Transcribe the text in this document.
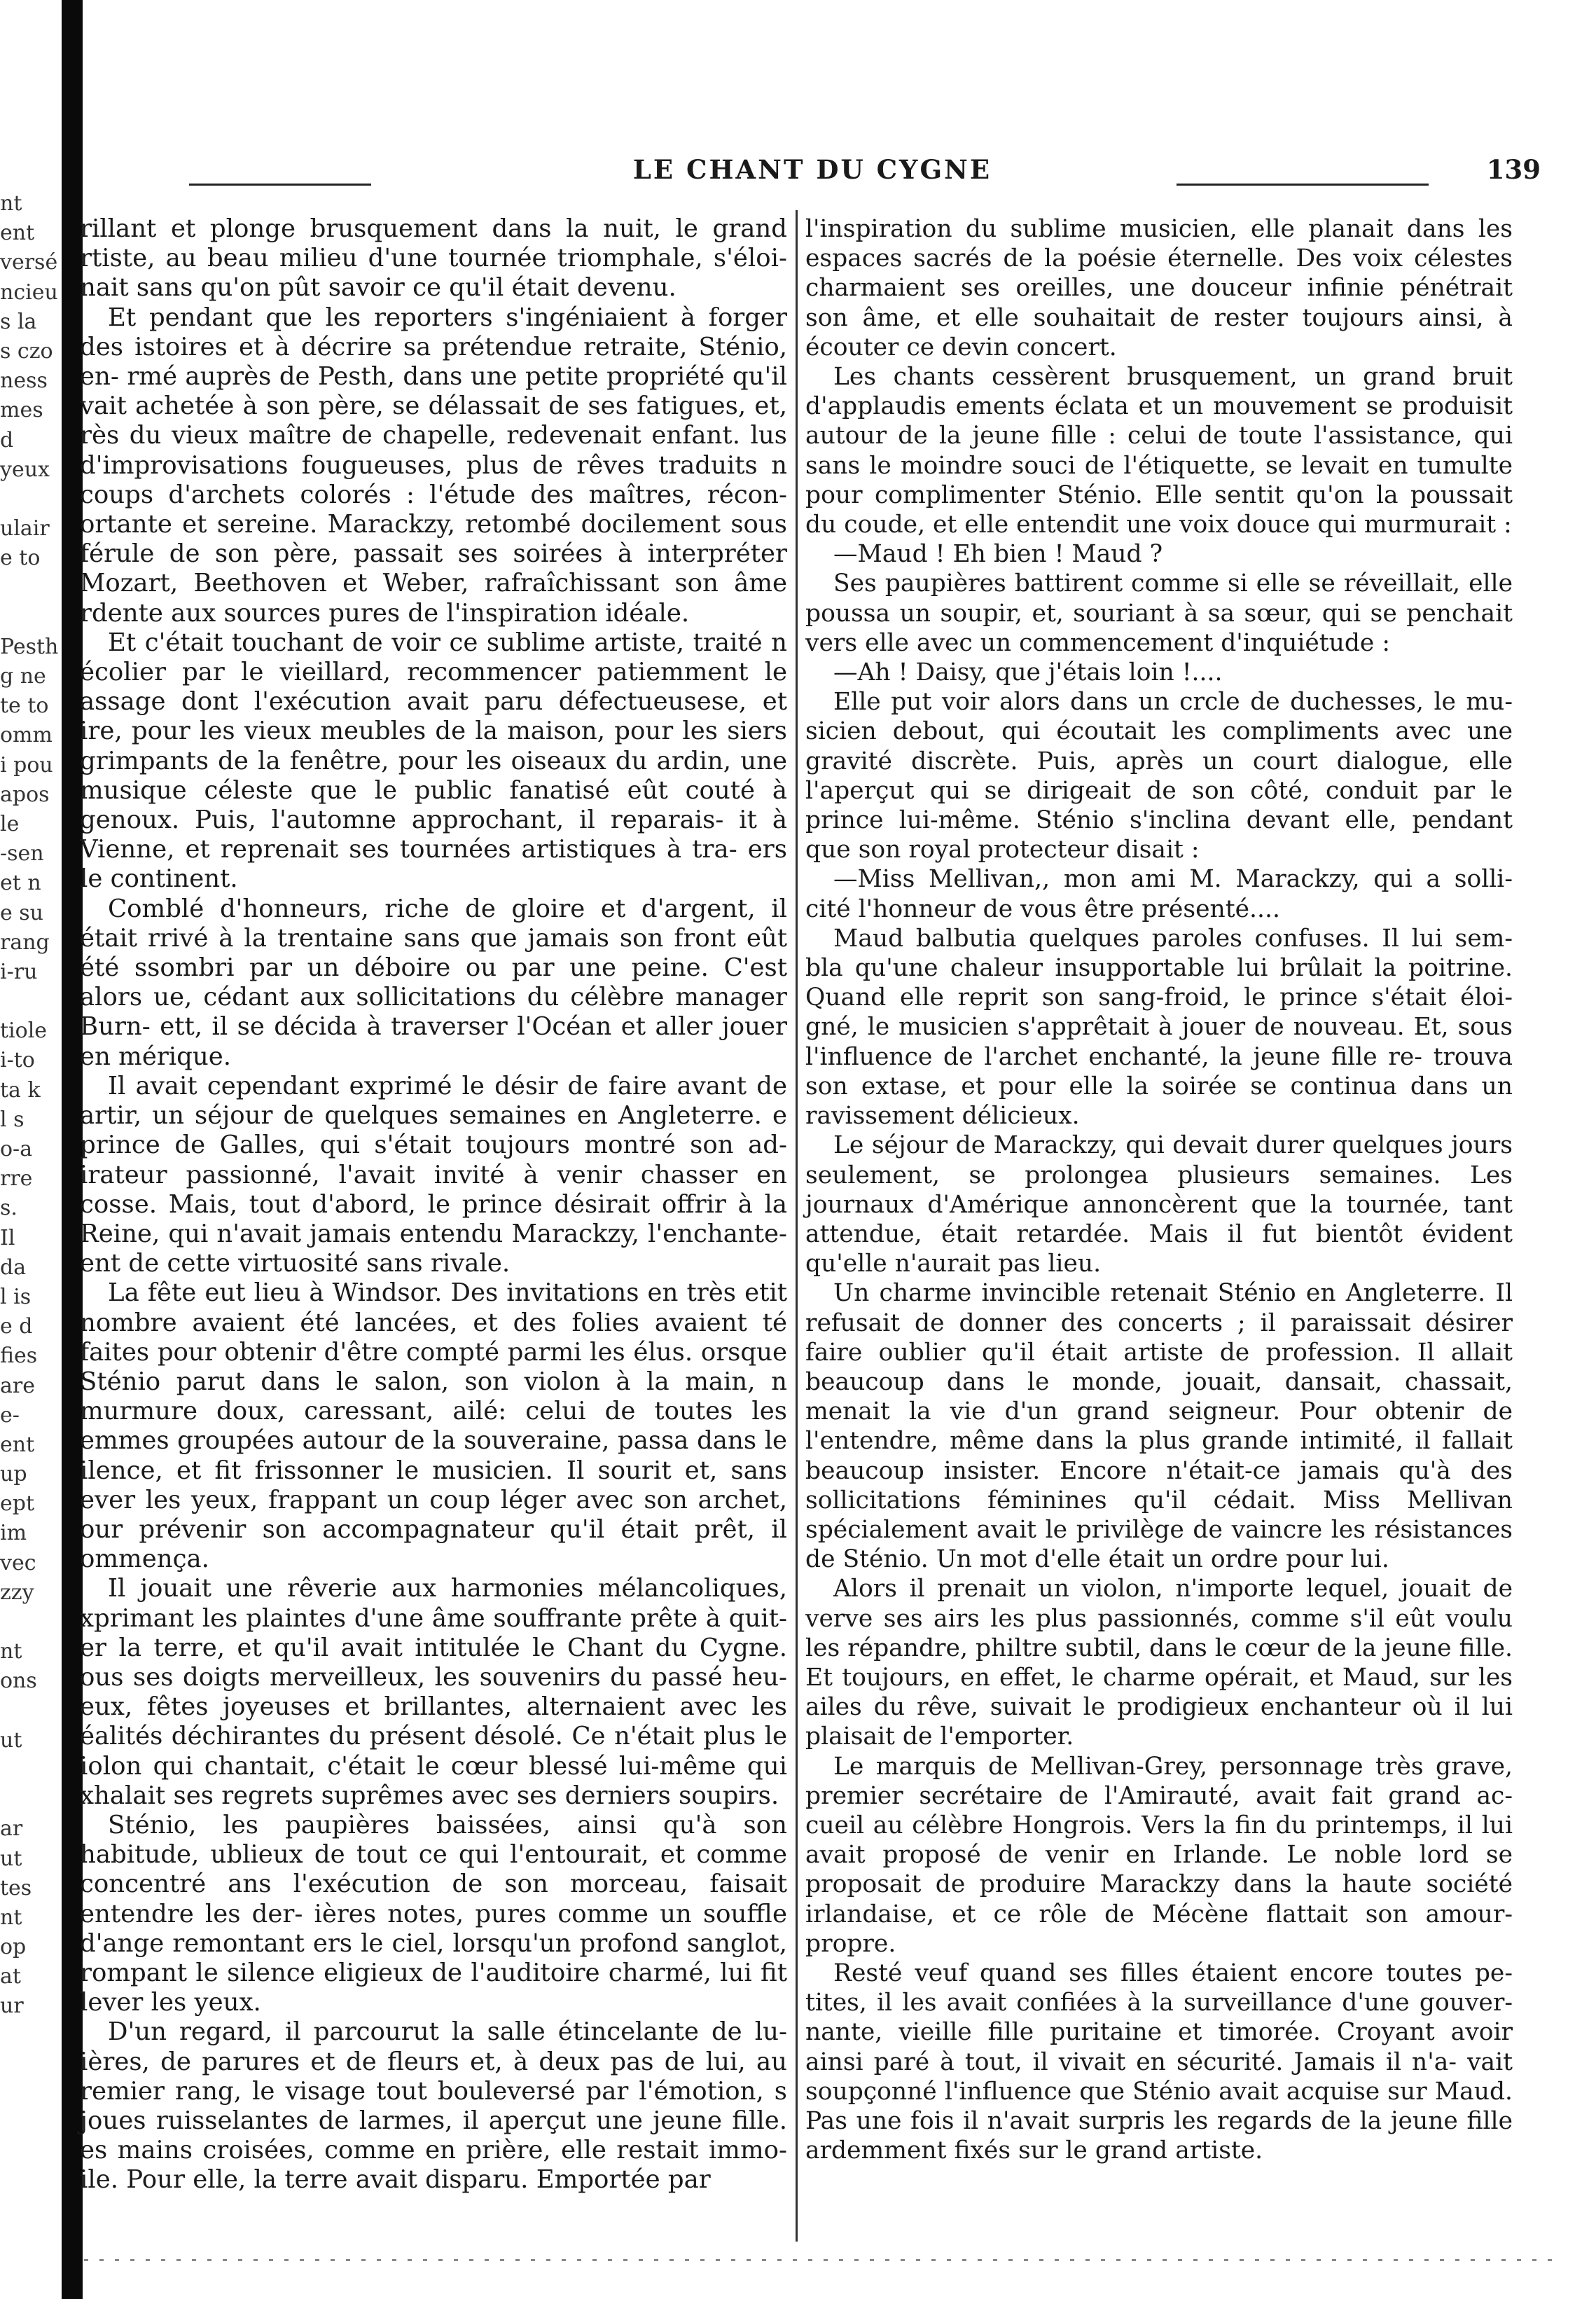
nt
ent
versé
ncieu
s la
s czo
ness
mes
d
yeux
ulair
e to
Pesth
g ne
te to
omm
i pou
apos
le
-sen
et n
e su
rang
i-ru
tiole
i-to
ta k
l s
o-a
rre
s.
Il
da
l is
e d
fies
are
e-
ent
up
ept
im
vec
zzy
nt
ons
ut
ar
ut
tes
nt
op
at
ur
LE CHANT DU CYGNE	139

rillant et plonge brusquement dans la nuit, le grand rtiste, au beau milieu d'une tournée triomphale, s'éloi- nait sans qu'on pût savoir ce qu'il était devenu.

Et pendant que les reporters s'ingéniaient à forger des istoires et à décrire sa prétendue retraite, Sténio, en- rmé auprès de Pesth, dans une petite propriété qu'il vait achetée à son père, se délassait de ses fatigues, et, rès du vieux maître de chapelle, redevenait enfant. lus d'improvisations fougueuses, plus de rêves traduits n coups d'archets colorés : l'étude des maîtres, récon- ortante et sereine. Marackzy, retombé docilement sous férule de son père, passait ses soirées à interpréter Mozart, Beethoven et Weber, rafraîchissant son âme rdente aux sources pures de l'inspiration idéale.

Et c'était touchant de voir ce sublime artiste, traité n écolier par le vieillard, recommencer patiemment le assage dont l'exécution avait paru défectueusese, et ire, pour les vieux meubles de la maison, pour les siers grimpants de la fenêtre, pour les oiseaux du ardin, une musique céleste que le public fanatisé eût couté à genoux. Puis, l'automne approchant, il reparais- it à Vienne, et reprenait ses tournées artistiques à tra- ers le continent.

Comblé d'honneurs, riche de gloire et d'argent, il était rrivé à la trentaine sans que jamais son front eût été ssombri par un déboire ou par une peine. C'est alors ue, cédant aux sollicitations du célèbre manager Burn- ett, il se décida à traverser l'Océan et aller jouer en mérique.

Il avait cependant exprimé le désir de faire avant de artir, un séjour de quelques semaines en Angleterre. e prince de Galles, qui s'était toujours montré son ad- irateur passionné, l'avait invité à venir chasser en cosse. Mais, tout d'abord, le prince désirait offrir à la Reine, qui n'avait jamais entendu Marackzy, l'enchante- ent de cette virtuosité sans rivale.

La fête eut lieu à Windsor. Des invitations en très etit nombre avaient été lancées, et des folies avaient té faites pour obtenir d'être compté parmi les élus. orsque Sténio parut dans le salon, son violon à la main, n murmure doux, caressant, ailé: celui de toutes les emmes groupées autour de la souveraine, passa dans le ilence, et fit frissonner le musicien. Il sourit et, sans ever les yeux, frappant un coup léger avec son archet, our prévenir son accompagnateur qu'il était prêt, il ommença.

Il jouait une rêverie aux harmonies mélancoliques, xprimant les plaintes d'une âme souffrante prête à quit- er la terre, et qu'il avait intitulée le Chant du Cygne. ous ses doigts merveilleux, les souvenirs du passé heu- eux, fêtes joyeuses et brillantes, alternaient avec les éalités déchirantes du présent désolé. Ce n'était plus le iolon qui chantait, c'était le cœur blessé lui-même qui xhalait ses regrets suprêmes avec ses derniers soupirs.

Sténio, les paupières baissées, ainsi qu'à son habitude, ublieux de tout ce qui l'entourait, et comme concentré ans l'exécution de son morceau, faisait entendre les der- ières notes, pures comme un souffle d'ange remontant ers le ciel, lorsqu'un profond sanglot, rompant le silence eligieux de l'auditoire charmé, lui fit lever les yeux.

D'un regard, il parcourut la salle étincelante de lu- ières, de parures et de fleurs et, à deux pas de lui, au remier rang, le visage tout bouleversé par l'émotion, s joues ruisselantes de larmes, il aperçut une jeune fille. es mains croisées, comme en prière, elle restait immo- ile. Pour elle, la terre avait disparu. Emportée par

l'inspiration du sublime musicien, elle planait dans les espaces sacrés de la poésie éternelle. Des voix célestes charmaient ses oreilles, une douceur infinie pénétrait son âme, et elle souhaitait de rester toujours ainsi, à écouter ce devin concert.

Les chants cessèrent brusquement, un grand bruit d'applaudis ements éclata et un mouvement se produisit autour de la jeune fille : celui de toute l'assistance, qui sans le moindre souci de l'étiquette, se levait en tumulte pour complimenter Sténio. Elle sentit qu'on la poussait du coude, et elle entendit une voix douce qui murmurait :

—Maud ! Eh bien ! Maud ?

Ses paupières battirent comme si elle se réveillait, elle poussa un soupir, et, souriant à sa sœur, qui se penchait vers elle avec un commencement d'inquiétude :

—Ah ! Daisy, que j'étais loin !....

Elle put voir alors dans un crcle de duchesses, le mu- sicien debout, qui écoutait les compliments avec une gravité discrète. Puis, après un court dialogue, elle l'aperçut qui se dirigeait de son côté, conduit par le prince lui-même. Sténio s'inclina devant elle, pendant que son royal protecteur disait :

—Miss Mellivan,, mon ami M. Marackzy, qui a solli- cité l'honneur de vous être présenté....

Maud balbutia quelques paroles confuses. Il lui sem- bla qu'une chaleur insupportable lui brûlait la poitrine. Quand elle reprit son sang-froid, le prince s'était éloi- gné, le musicien s'apprêtait à jouer de nouveau. Et, sous l'influence de l'archet enchanté, la jeune fille re- trouva son extase, et pour elle la soirée se continua dans un ravissement délicieux.

Le séjour de Marackzy, qui devait durer quelques jours seulement, se prolongea plusieurs semaines. Les journaux d'Amérique annoncèrent que la tournée, tant attendue, était retardée. Mais il fut bientôt évident qu'elle n'aurait pas lieu.

Un charme invincible retenait Sténio en Angleterre. Il refusait de donner des concerts ; il paraissait désirer faire oublier qu'il était artiste de profession. Il allait beaucoup dans le monde, jouait, dansait, chassait, menait la vie d'un grand seigneur. Pour obtenir de l'entendre, même dans la plus grande intimité, il fallait beaucoup insister. Encore n'était-ce jamais qu'à des sollicitations féminines qu'il cédait. Miss Mellivan spécialement avait le privilège de vaincre les résistances de Sténio. Un mot d'elle était un ordre pour lui.

Alors il prenait un violon, n'importe lequel, jouait de verve ses airs les plus passionnés, comme s'il eût voulu les répandre, philtre subtil, dans le cœur de la jeune fille. Et toujours, en effet, le charme opérait, et Maud, sur les ailes du rêve, suivait le prodigieux enchanteur où il lui plaisait de l'emporter.

Le marquis de Mellivan-Grey, personnage très grave, premier secrétaire de l'Amirauté, avait fait grand ac- cueil au célèbre Hongrois. Vers la fin du printemps, il lui avait proposé de venir en Irlande. Le noble lord se proposait de produire Marackzy dans la haute société irlandaise, et ce rôle de Mécène flattait son amour- propre.

Resté veuf quand ses filles étaient encore toutes pe- tites, il les avait confiées à la surveillance d'une gouver- nante, vieille fille puritaine et timorée. Croyant avoir ainsi paré à tout, il vivait en sécurité. Jamais il n'a- vait soupçonné l'influence que Sténio avait acquise sur Maud. Pas une fois il n'avait surpris les regards de la jeune fille ardemment fixés sur le grand artiste.
